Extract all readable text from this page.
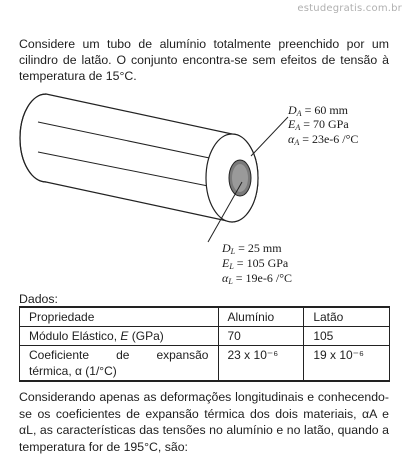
estudegratis.com.br

Considere um tubo de alumínio totalmente preenchido por um cilindro de latão. O conjunto encontra-se sem efeitos de tensão à temperatura de 15°C.

$D_A = 60$ mm
$E_A = 70$ GPa
$\alpha_A = 23e-6$ /°C
$D_L = 25$ mm
$E_L = 105$ GPa
$\alpha_L = 19e-6$ /°C
Dados:
Propriedade	Alumínio	Latão
Módulo Elástico, E (GPa)	70	105

Coeficiente de expansão
térmica, α (1/°C)	23 x 10⁻⁶	19 x 10⁻⁶

Considerando apenas as deformações longitudinais e conhecendo-se os coeficientes de expansão térmica dos dois materiais, αA e αL, as características das tensões no alumínio e no latão, quando a temperatura for de 195°C, são:
